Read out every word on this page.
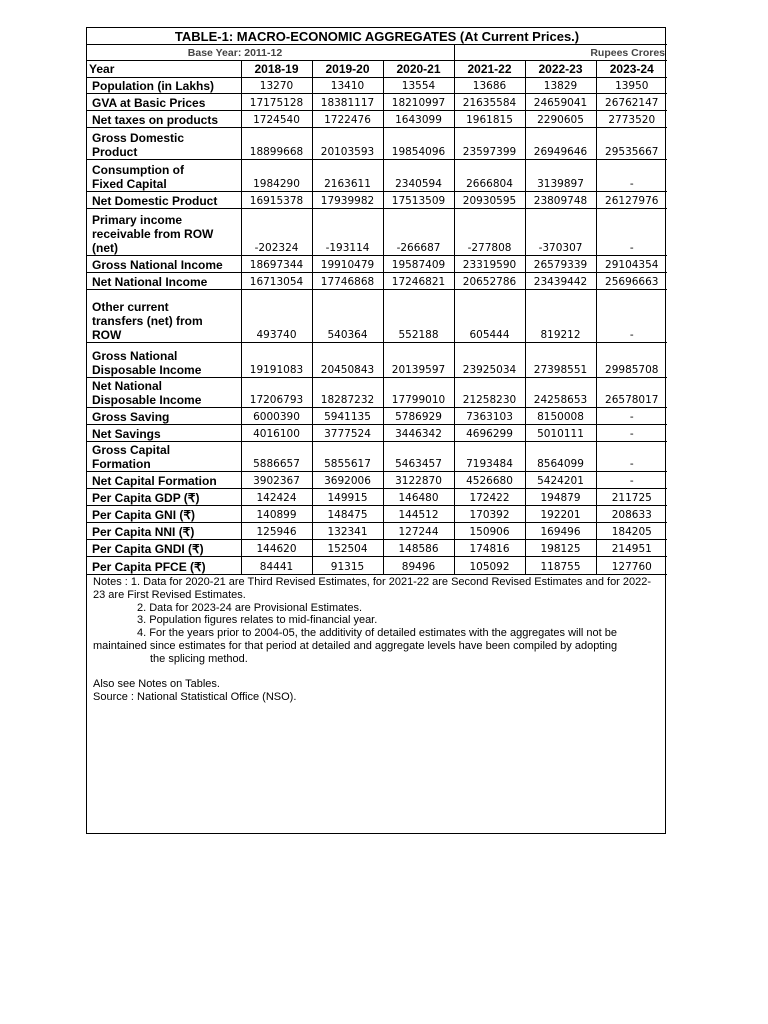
TABLE-1: MACRO-ECONOMIC AGGREGATES (At Current Prices.)						
Base Year: 2011-12				Rupees Crores		
Year	2018-19	2019-20	2020-21	2021-22	2022-23	2023-24
Population (in Lakhs)	13270	13410	13554	13686	13829	13950
GVA at Basic Prices	17175128	18381117	18210997	21635584	24659041	26762147
Net taxes on products	1724540	1722476	1643099	1961815	2290605	2773520
Gross Domestic
Product	18899668	20103593	19854096	23597399	26949646	29535667
Consumption of
Fixed Capital	1984290	2163611	2340594	2666804	3139897	-
Net Domestic Product	16915378	17939982	17513509	20930595	23809748	26127976
Primary income
receivable from ROW
(net)	-202324	-193114	-266687	-277808	-370307	-
Gross National Income	18697344	19910479	19587409	23319590	26579339	29104354
Net National Income	16713054	17746868	17246821	20652786	23439442	25696663
Other current
transfers (net) from
ROW	493740	540364	552188	605444	819212	-
Gross National
Disposable Income	19191083	20450843	20139597	23925034	27398551	29985708
Net National
Disposable Income	17206793	18287232	17799010	21258230	24258653	26578017
Gross Saving	6000390	5941135	5786929	7363103	8150008	-
Net Savings	4016100	3777524	3446342	4696299	5010111	-
Gross Capital
Formation	5886657	5855617	5463457	7193484	8564099	-
Net Capital Formation	3902367	3692006	3122870	4526680	5424201	-
Per Capita GDP (₹)	142424	149915	146480	172422	194879	211725
Per Capita GNI (₹)	140899	148475	144512	170392	192201	208633
Per Capita NNI (₹)	125946	132341	127244	150906	169496	184205
Per Capita GNDI (₹)	144620	152504	148586	174816	198125	214951
Per Capita PFCE (₹)	84441	91315	89496	105092	118755	127760
Notes : 1. Data for 2020-21 are Third Revised Estimates, for 2021-22 are Second Revised Estimates and for 2022-23 are First Revised Estimates.
2. Data for 2023-24 are Provisional Estimates.
3. Population figures relates to mid-financial year.
4. For the years prior to 2004-05, the additivity of detailed estimates with the aggregates will not be
maintained since estimates for that period at detailed and aggregate levels have been compiled by adopting
the splicing method.
Also see Notes on Tables.
Source : National Statistical Office (NSO).
